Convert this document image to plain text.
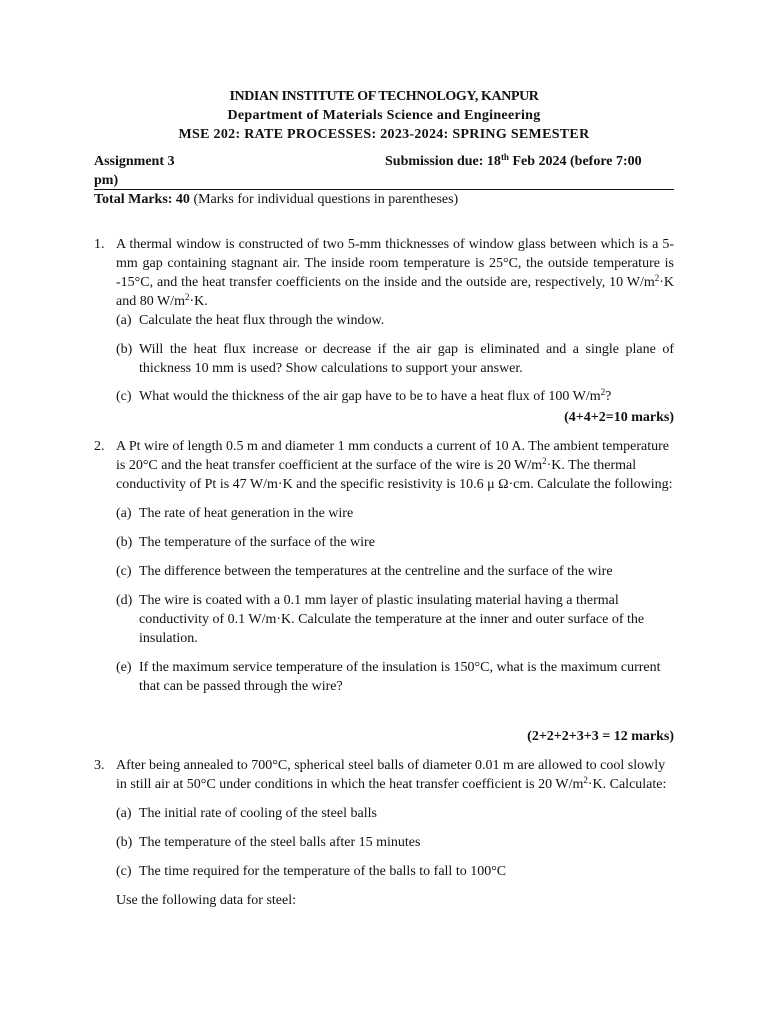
INDIAN INSTITUTE OF TECHNOLOGY, KANPUR
Department of Materials Science and Engineering
MSE 202: RATE PROCESSES: 2023-2024: SPRING SEMESTER
Assignment 3	Submission due: 18th Feb 2024 (before 7:00
pm)
Total Marks: 40 (Marks for individual questions in parentheses)
1. A thermal window is constructed of two 5-mm thicknesses of window glass between which is a 5-mm gap containing stagnant air. The inside room temperature is 25°C, the outside temperature is -15°C, and the heat transfer coefficients on the inside and the outside are, respectively, 10 $W/m^2\cdot K$ and 80 $W/m^2\cdot K$.
(a) Calculate the heat flux through the window.
(b) Will the heat flux increase or decrease if the air gap is eliminated and a single plane of thickness 10 mm is used? Show calculations to support your answer.
(c) What would the thickness of the air gap have to be to have a heat flux of 100 $W/m^2$?
(4+4+2=10 marks)
2. A Pt wire of length 0.5 m and diameter 1 mm conducts a current of 10 A. The ambient temperature is 20°C and the heat transfer coefficient at the surface of the wire is 20 $W/m^2\cdot K$. The thermal conductivity of Pt is 47 W/m·K and the specific resistivity is 10.6 μ Ω·cm. Calculate the following:
(a) The rate of heat generation in the wire
(b) The temperature of the surface of the wire
(c) The difference between the temperatures at the centreline and the surface of the wire
(d) The wire is coated with a 0.1 mm layer of plastic insulating material having a thermal conductivity of 0.1 W/m·K. Calculate the temperature at the inner and outer surface of the insulation.
(e) If the maximum service temperature of the insulation is 150°C, what is the maximum current that can be passed through the wire?
(2+2+2+3+3 = 12 marks)
3. After being annealed to 700°C, spherical steel balls of diameter 0.01 m are allowed to cool slowly in still air at 50°C under conditions in which the heat transfer coefficient is 20 $W/m^2\cdot K$. Calculate:
(a) The initial rate of cooling of the steel balls
(b) The temperature of the steel balls after 15 minutes
(c) The time required for the temperature of the balls to fall to 100°C
Use the following data for steel:
